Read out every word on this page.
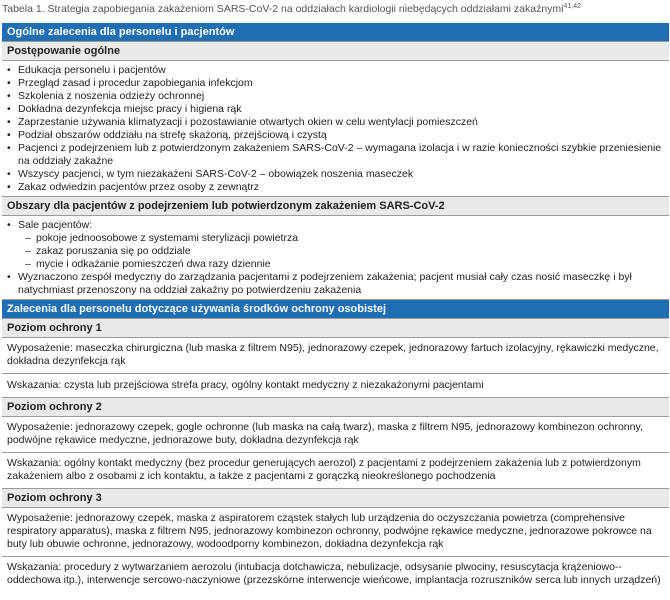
Tabela 1. Strategia zapobiegania zakażeniom SARS-CoV-2 na oddziałach kardiologii niebędących oddziałami zakaźnymi$^{41,42}$
Ogólne zalecenia dla personelu i pacjentów
Postępowanie ogólne
• Edukacja personelu i pacjentów
• Przegląd zasad i procedur zapobiegania infekcjom
• Szkolenia z noszenia odzieży ochronnej
• Dokładna dezynfekcja miejsc pracy i higiena rąk
• Zaprzestanie używania klimatyzacji i pozostawianie otwartych okien w celu wentylacji pomieszczeń
• Podział obszarów oddziału na strefę skażoną, przejściową i czystą
• Pacjenci z podejrzeniem lub z potwierdzonym zakażeniem SARS-CoV-2 – wymagana izolacja i w razie konieczności szybkie przeniesienie na oddziały zakaźne
• Wszyscy pacjenci, w tym niezakażeni SARS-CoV-2 – obowiązek noszenia maseczek
• Zakaz odwiedzin pacjentów przez osoby z zewnątrz
Obszary dla pacjentów z podejrzeniem lub potwierdzonym zakażeniem SARS-CoV-2
• Sale pacjentów:
– pokoje jednoosobowe z systemami sterylizacji powietrza
– zakaz poruszania się po oddziale
– mycie i odkażanie pomieszczeń dwa razy dziennie
• Wyznaczono zespół medyczny do zarządzania pacjentami z podejrzeniem zakażenia; pacjent musiał cały czas nosić maseczkę i był natychmiast przenoszony na oddział zakaźny po potwierdzeniu zakażenia
Zalecenia dla personelu dotyczące używania środków ochrony osobistej
Poziom ochrony 1
Wyposażenie: maseczka chirurgiczna (lub maska z filtrem N95), jednorazowy czepek, jednorazowy fartuch izolacyjny, rękawiczki medyczne, dokładna dezynfekcja rąk
Wskazania: czysta lub przejściowa strefa pracy, ogólny kontakt medyczny z niezakażonymi pacjentami
Poziom ochrony 2
Wyposażenie: jednorazowy czepek, gogle ochronne (lub maska na całą twarz), maska z filtrem N95, jednorazowy kombinezon ochronny, podwójne rękawice medyczne, jednorazowe buty, dokładna dezynfekcja rąk
Wskazania: ogólny kontakt medyczny (bez procedur generujących aerozol) z pacjentami z podejrzeniem zakażenia lub z potwierdzonym zakażeniem albo z osobami z ich kontaktu, a także z pacjentami z gorączką nieokreślonego pochodzenia
Poziom ochrony 3
Wyposażenie: jednorazowy czepek, maska z aspiratorem cząstek stałych lub urządzenia do oczyszczania powietrza (comprehensive respiratory apparatus), maska z filtrem N95, jednorazowy kombinezon ochronny, podwójne rękawice medyczne, jednorazowe pokrowce na buty lub obuwie ochronne, jednorazowy, wodoodporny kombinezon, dokładna dezynfekcja rąk
Wskazania: procedury z wytwarzaniem aerozolu (intubacja dotchawicza, nebulizacje, odsysanie plwociny, resuscytacja krążeniowo--oddechowa itp.), interwencje sercowo-naczyniowe (przezskórne interwencje wieńcowe, implantacja rozruszników serca lub innych urządzeń)
